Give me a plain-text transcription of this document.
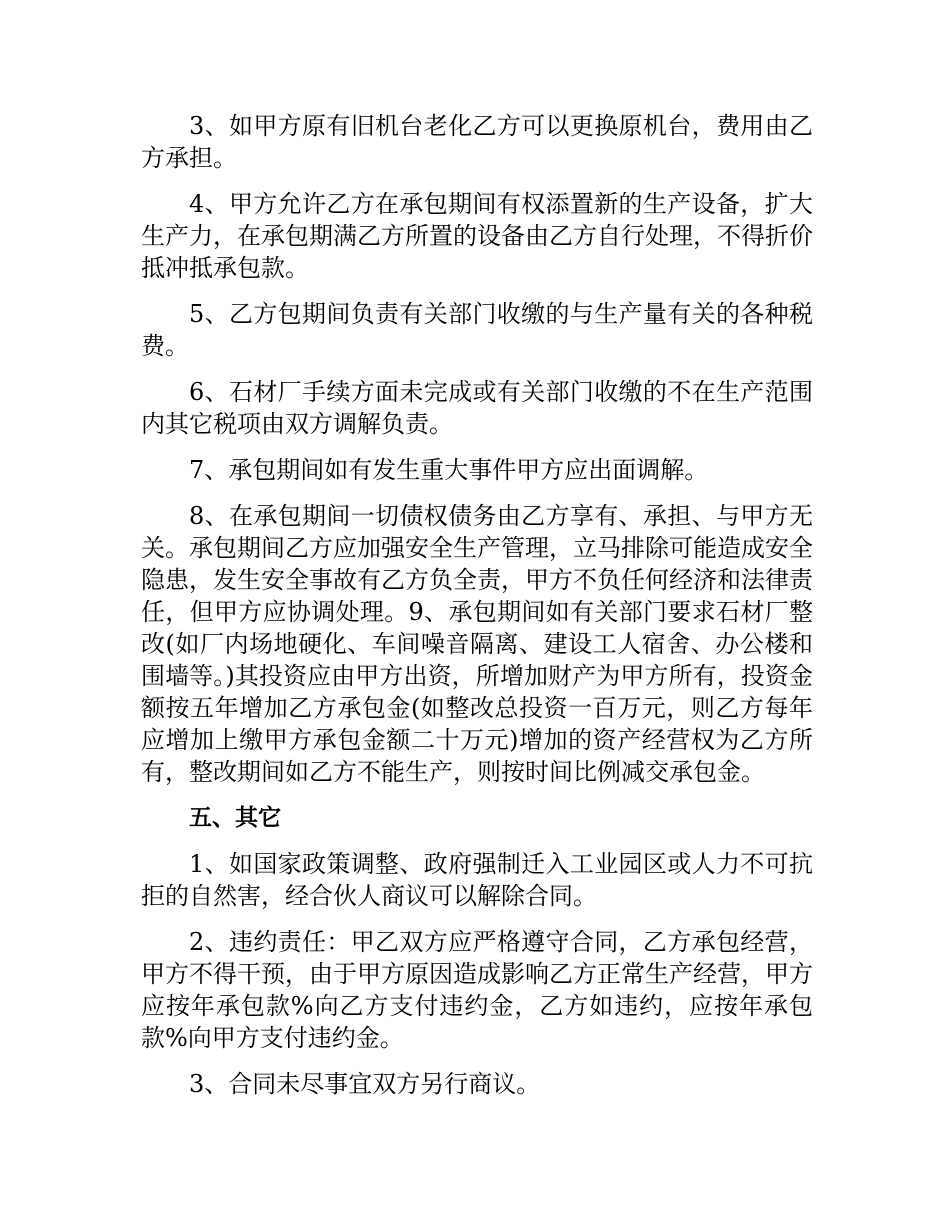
3、如甲方原有旧机台老化乙方可以更换原机台，费用由乙方承担。

4、甲方允许乙方在承包期间有权添置新的生产设备，扩大生产力，在承包期满乙方所置的设备由乙方自行处理，不得折价抵冲抵承包款。

5、乙方包期间负责有关部门收缴的与生产量有关的各种税费。

6、石材厂手续方面未完成或有关部门收缴的不在生产范围内其它税项由双方调解负责。

7、承包期间如有发生重大事件甲方应出面调解。

8、在承包期间一切债权债务由乙方享有、承担、与甲方无关。承包期间乙方应加强安全生产管理，立马排除可能造成安全隐患，发生安全事故有乙方负全责，甲方不负任何经济和法律责任，但甲方应协调处理。9、承包期间如有关部门要求石材厂整改(如厂内场地硬化、车间噪音隔离、建设工人宿舍、办公楼和围墙等。)其投资应由甲方出资，所增加财产为甲方所有，投资金额按五年增加乙方承包金(如整改总投资一百万元，则乙方每年应增加上缴甲方承包金额二十万元)增加的资产经营权为乙方所有，整改期间如乙方不能生产，则按时间比例减交承包金。

五、其它

1、如国家政策调整、政府强制迁入工业园区或人力不可抗拒的自然害，经合伙人商议可以解除合同。

2、违约责任：甲乙双方应严格遵守合同，乙方承包经营，甲方不得干预，由于甲方原因造成影响乙方正常生产经营，甲方应按年承包款%向乙方支付违约金，乙方如违约，应按年承包款%向甲方支付违约金。

3、合同未尽事宜双方另行商议。
